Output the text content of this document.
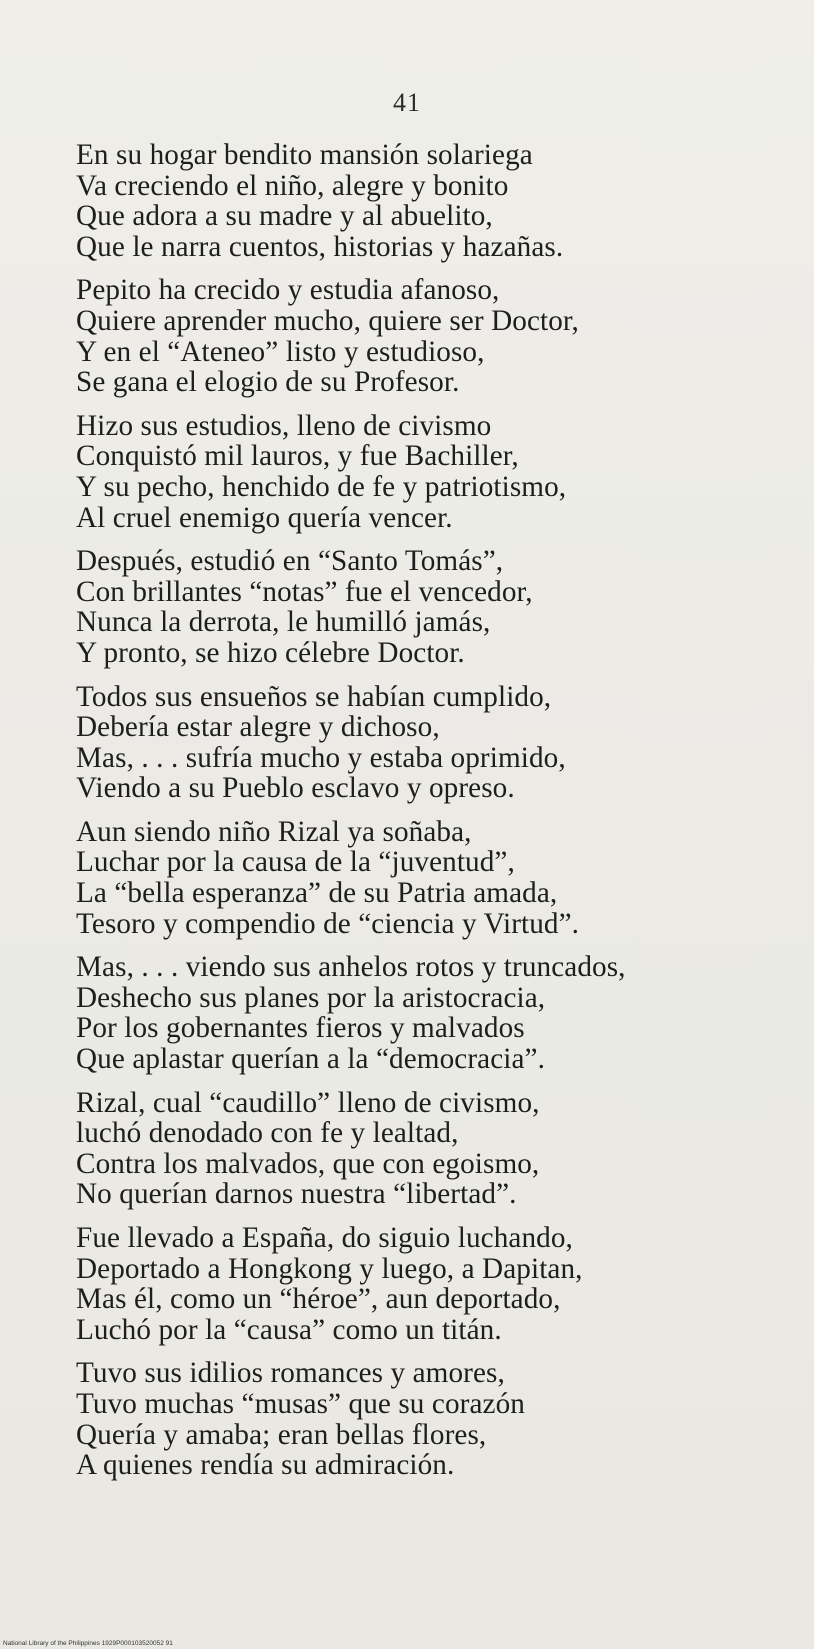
41
En su hogar bendito mansión solariega
Va creciendo el niño, alegre y bonito
Que adora a su madre y al abuelito,
Que le narra cuentos, historias y hazañas.
Pepito ha crecido y estudia afanoso,
Quiere aprender mucho, quiere ser Doctor,
Y en el “Ateneo” listo y estudioso,
Se gana el elogio de su Profesor.
Hizo sus estudios, lleno de civismo
Conquistó mil lauros, y fue Bachiller,
Y su pecho, henchido de fe y patriotismo,
Al cruel enemigo quería vencer.
Después, estudió en “Santo Tomás”,
Con brillantes “notas” fue el vencedor,
Nunca la derrota, le humilló jamás,
Y pronto, se hizo célebre Doctor.
Todos sus ensueños se habían cumplido,
Debería estar alegre y dichoso,
Mas, . . . sufría mucho y estaba oprimido,
Viendo a su Pueblo esclavo y opreso.
Aun siendo niño Rizal ya soñaba,
Luchar por la causa de la “juventud”,
La “bella esperanza” de su Patria amada,
Tesoro y compendio de “ciencia y Virtud”.
Mas, . . . viendo sus anhelos rotos y truncados,
Deshecho sus planes por la aristocracia,
Por los gobernantes fieros y malvados
Que aplastar querían a la “democracia”.
Rizal, cual “caudillo” lleno de civismo,
luchó denodado con fe y lealtad,
Contra los malvados, que con egoismo,
No querían darnos nuestra “libertad”.
Fue llevado a España, do siguio luchando,
Deportado a Hongkong y luego, a Dapitan,
Mas él, como un “héroe”, aun deportado,
Luchó por la “causa” como un titán.
Tuvo sus idilios romances y amores,
Tuvo muchas “musas” que su corazón
Quería y amaba; eran bellas flores,
A quienes rendía su admiración.
National Library of the Philippines 1929P000103520052 91
